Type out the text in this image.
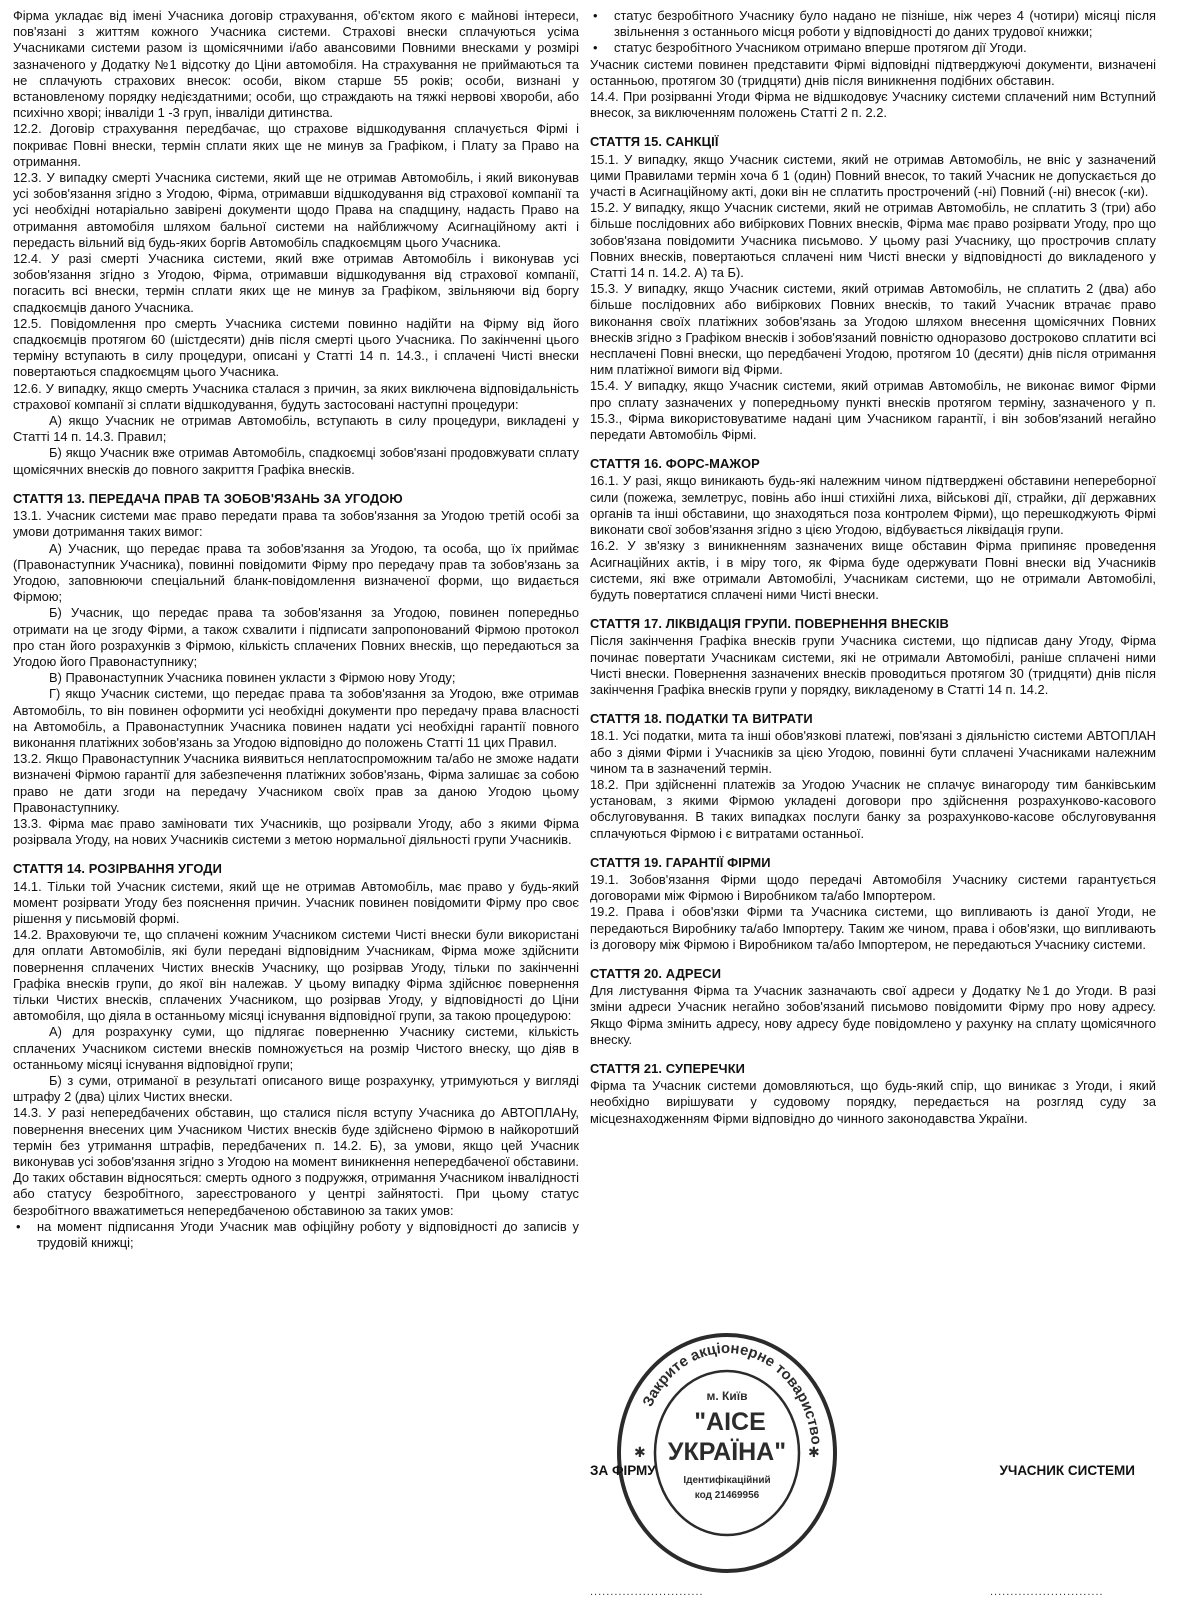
Фірма укладає від імені Учасника договір страхування, об'єктом якого є майнові інтереси, пов'язані з життям кожного Учасника системи. Страхові внески сплачуються усіма Учасниками системи разом із щомісячними і/або авансовими Повними внесками у розмірі зазначеного у Додатку №1 відсотку до Ціни автомобіля. На страхування не приймаються та не сплачують страхових внесок: особи, віком старше 55 років; особи, визнані у встановленому порядку недієздатними; особи, що страждають на тяжкі нервові хвороби, або психічно хворі; інваліди 1 -3 груп, інваліди дитинства.

12.2. Договір страхування передбачає, що страхове відшкодування сплачується Фірмі і покриває Повні внески, термін сплати яких ще не минув за Графіком, і Плату за Право на отримання.

12.3. У випадку смерті Учасника системи, який ще не отримав Автомобіль, і який виконував усі зобов'язання згідно з Угодою, Фірма, отримавши відшкодування від страхової компанії та усі необхідні нотаріально завірені документи щодо Права на спадщину, надасть Право на отримання автомобіля шляхом бальної системи на найближчому Асигнаційному акті і передасть вільний від будь-яких боргів Автомобіль спадкоємцям цього Учасника.

12.4. У разі смерті Учасника системи, який вже отримав Автомобіль і виконував усі зобов'язання згідно з Угодою, Фірма, отримавши відшкодування від страхової компанії, погасить всі внески, термін сплати яких ще не минув за Графіком, звільняючи від боргу спадкоємців даного Учасника.

12.5. Повідомлення про смерть Учасника системи повинно надійти на Фірму від його спадкоємців протягом 60 (шістдесяти) днів після смерті цього Учасника. По закінченні цього терміну вступають в силу процедури, описані у Статті 14 п. 14.3., і сплачені Чисті внески повертаються спадкоємцям цього Учасника.

12.6. У випадку, якщо смерть Учасника сталася з причин, за яких виключена відповідальність страхової компанії зі сплати відшкодування, будуть застосовані наступні процедури:

А) якщо Учасник не отримав Автомобіль, вступають в силу процедури, викладені у Статті 14 п. 14.3. Правил;

Б) якщо Учасник вже отримав Автомобіль, спадкоємці зобов'язані продовжувати сплату щомісячних внесків до повного закриття Графіка внесків.

СТАТТЯ 13. ПЕРЕДАЧА ПРАВ ТА ЗОБОВ'ЯЗАНЬ ЗА УГОДОЮ

13.1. Учасник системи має право передати права та зобов'язання за Угодою третій особі за умови дотримання таких вимог:

А) Учасник, що передає права та зобов'язання за Угодою, та особа, що їх приймає (Правонаступник Учасника), повинні повідомити Фірму про передачу прав та зобов'язань за Угодою, заповнюючи спеціальний бланк-повідомлення визначеної форми, що видається Фірмою;

Б) Учасник, що передає права та зобов'язання за Угодою, повинен попередньо отримати на це згоду Фірми, а також схвалити і підписати запропонований Фірмою протокол про стан його розрахунків з Фірмою, кількість сплачених Повних внесків, що передаються за Угодою його Правонаступнику;

В) Правонаступник Учасника повинен укласти з Фірмою нову Угоду;

Г) якщо Учасник системи, що передає права та зобов'язання за Угодою, вже отримав Автомобіль, то він повинен оформити усі необхідні документи про передачу права власності на Автомобіль, а Правонаступник Учасника повинен надати усі необхідні гарантії повного виконання платіжних зобов'язань за Угодою відповідно до положень Статті 11 цих Правил.

13.2. Якщо Правонаступник Учасника виявиться неплатоспроможним та/або не зможе надати визначені Фірмою гарантії для забезпечення платіжних зобов'язань, Фірма залишає за собою право не дати згоди на передачу Учасником своїх прав за даною Угодою цьому Правонаступнику.

13.3. Фірма має право заміновати тих Учасників, що розірвали Угоду, або з якими Фірма розірвала Угоду, на нових Учасників системи з метою нормальної діяльності групи Учасників.

СТАТТЯ 14. РОЗІРВАННЯ УГОДИ

14.1. Тільки той Учасник системи, який ще не отримав Автомобіль, має право у будь-який момент розірвати Угоду без пояснення причин. Учасник повинен повідомити Фірму про своє рішення у письмовій формі.

14.2. Враховуючи те, що сплачені кожним Учасником системи Чисті внески були використані для оплати Автомобілів, які були передані відповідним Учасникам, Фірма може здійснити повернення сплачених Чистих внесків Учаснику, що розірвав Угоду, тільки по закінченні Графіка внесків групи, до якої він належав. У цьому випадку Фірма здійснює повернення тільки Чистих внесків, сплачених Учасником, що розірвав Угоду, у відповідності до Ціни автомобіля, що діяла в останньому місяці існування відповідної групи, за такою процедурою:

А) для розрахунку суми, що підлягає поверненню Учаснику системи, кількість сплачених Учасником системи внесків помножується на розмір Чистого внеску, що діяв в останньому місяці існування відповідної групи;

Б) з суми, отриманої в результаті описаного вище розрахунку, утримуються у вигляді штрафу 2 (два) цілих Чистих внески.

14.3. У разі непередбачених обставин, що сталися після вступу Учасника до АВТОПЛАНу, повернення внесених цим Учасником Чистих внесків буде здійснено Фірмою в найкоротший термін без утримання штрафів, передбачених п. 14.2. Б), за умови, якщо цей Учасник виконував усі зобов'язання згідно з Угодою на момент виникнення непередбаченої обставини. До таких обставин відносяться: смерть одного з подружжя, отримання Учасником інвалідності або статусу безробітного, зареєстрованого у центрі зайнятості. При цьому статус безробітного вважатиметься непередбаченою обставиною за таких умов:

• на момент підписання Угоди Учасник мав офіційну роботу у відповідності до записів у трудовій книжці;
• статус безробітного Учаснику було надано не пізніше, ніж через 4 (чотири) місяці після звільнення з останнього місця роботи у відповідності до даних трудової книжки;
• статус безробітного Учасником отримано вперше протягом дії Угоди.

Учасник системи повинен представити Фірмі відповідні підтверджуючі документи, визначені останньою, протягом 30 (тридцяти) днів після виникнення подібних обставин.

14.4. При розірванні Угоди Фірма не відшкодовує Учаснику системи сплачений ним Вступний внесок, за виключенням положень Статті 2 п. 2.2.

СТАТТЯ 15. САНКЦІЇ

15.1. У випадку, якщо Учасник системи, який не отримав Автомобіль, не вніс у зазначений цими Правилами термін хоча б 1 (один) Повний внесок, то такий Учасник не допускається до участі в Асигнаційному акті, доки він не сплатить прострочений (-ні) Повний (-ні) внесок (-ки).

15.2. У випадку, якщо Учасник системи, який не отримав Автомобіль, не сплатить 3 (три) або більше послідовних або вибіркових Повних внесків, Фірма має право розірвати Угоду, про що зобов'язана повідомити Учасника письмово. У цьому разі Учаснику, що прострочив сплату Повних внесків, повертаються сплачені ним Чисті внески у відповідності до викладеного у Статті 14 п. 14.2. А) та Б).

15.3. У випадку, якщо Учасник системи, який отримав Автомобіль, не сплатить 2 (два) або більше послідовних або вибіркових Повних внесків, то такий Учасник втрачає право виконання своїх платіжних зобов'язань за Угодою шляхом внесення щомісячних Повних внесків згідно з Графіком внесків і зобов'язаний повністю одноразово достроково сплатити всі несплачені Повні внески, що передбачені Угодою, протягом 10 (десяти) днів після отримання ним платіжної вимоги від Фірми.

15.4. У випадку, якщо Учасник системи, який отримав Автомобіль, не виконає вимог Фірми про сплату зазначених у попередньому пункті внесків протягом терміну, зазначеного у п. 15.3., Фірма використовуватиме надані цим Учасником гарантії, і він зобов'язаний негайно передати Автомобіль Фірмі.

СТАТТЯ 16. ФОРС-МАЖОР

16.1. У разі, якщо виникають будь-які належним чином підтверджені обставини непереборної сили (пожежа, землетрус, повінь або інші стихійні лиха, військові дії, страйки, дії державних органів та інші обставини, що знаходяться поза контролем Фірми), що перешкоджують Фірмі виконати свої зобов'язання згідно з цією Угодою, відбувається ліквідація групи.

16.2. У зв'язку з виникненням зазначених вище обставин Фірма припиняє проведення Асигнаційних актів, і в міру того, як Фірма буде одержувати Повні внески від Учасників системи, які вже отримали Автомобілі, Учасникам системи, що не отримали Автомобілі, будуть повертатися сплачені ними Чисті внески.

СТАТТЯ 17. ЛІКВІДАЦІЯ ГРУПИ. ПОВЕРНЕННЯ ВНЕСКІВ

Після закінчення Графіка внесків групи Учасника системи, що підписав дану Угоду, Фірма починає повертати Учасникам системи, які не отримали Автомобілі, раніше сплачені ними Чисті внески. Повернення зазначених внесків проводиться протягом 30 (тридцяти) днів після закінчення Графіка внесків групи у порядку, викладеному в Статті 14 п. 14.2.

СТАТТЯ 18. ПОДАТКИ ТА ВИТРАТИ

18.1. Усі податки, мита та інші обов'язкові платежі, пов'язані з діяльністю системи АВТОПЛАН або з діями Фірми і Учасників за цією Угодою, повинні бути сплачені Учасниками належним чином та в зазначений термін.

18.2. При здійсненні платежів за Угодою Учасник не сплачує винагороду тим банківським установам, з якими Фірмою укладені договори про здійснення розрахунково-касового обслуговування. В таких випадках послуги банку за розрахунково-касове обслуговування сплачуються Фірмою і є витратами останньої.

СТАТТЯ 19. ГАРАНТІЇ ФІРМИ

19.1. Зобов'язання Фірми щодо передачі Автомобіля Учаснику системи гарантується договорами між Фірмою і Виробником та/або Імпортером.

19.2. Права і обов'язки Фірми та Учасника системи, що випливають із даної Угоди, не передаються Виробнику та/або Імпортеру. Таким же чином, права і обов'язки, що випливають із договору між Фірмою і Виробником та/або Імпортером, не передаються Учаснику системи.

СТАТТЯ 20. АДРЕСИ

Для листування Фірма та Учасник зазначають свої адреси у Додатку №1 до Угоди. В разі зміни адреси Учасник негайно зобов'язаний письмово повідомити Фірму про нову адресу. Якщо Фірма змінить адресу, нову адресу буде повідомлено у рахунку на сплату щомісячного внеску.

СТАТТЯ 21. СУПЕРЕЧКИ

Фірма та Учасник системи домовляються, що будь-який спір, що виникає з Угоди, і який необхідно вирішувати у судовому порядку, передається на розгляд суду за місцезнаходженням Фірми відповідно до чинного законодавства України.

ЗА ФІРМУ	УЧАСНИК СИСТЕМИ
............................	............................
Закрите акціонерне товариство
м. Київ
"АІСЕ
УКРАЇНА"
Ідентифікаційний
код 21469956
✱	✱
